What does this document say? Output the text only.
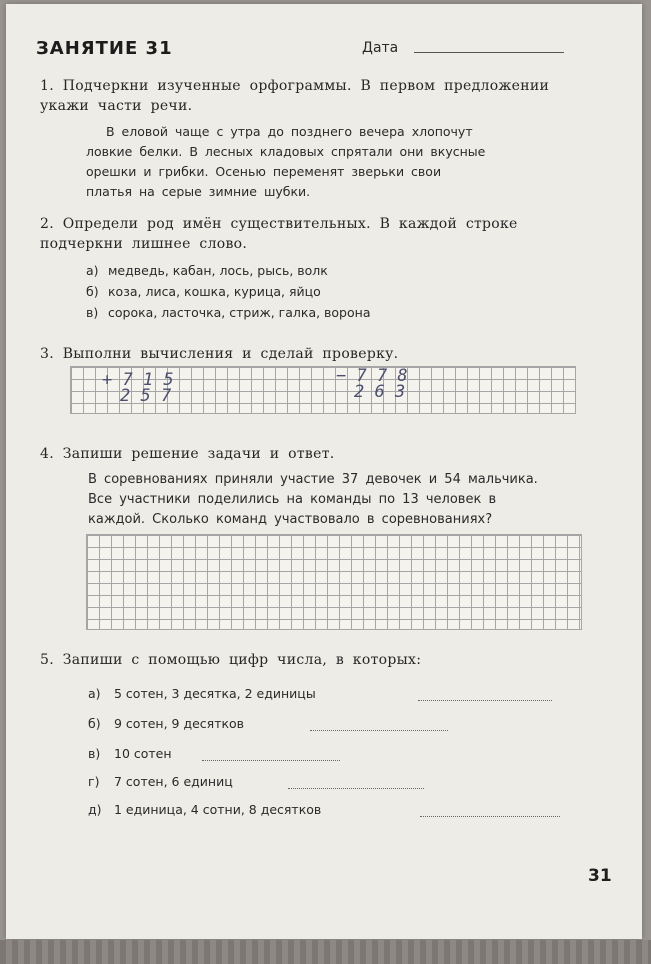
ЗАНЯТИЕ 31	Дата
1. Подчеркни изученные орфограммы. В первом предложении укажи части речи.
В еловой чаще с утра до позднего вечера хлопочут
ловкие белки. В лесных кладовых спрятали они вкусные
орешки и грибки. Осенью переменят зверьки свои
платья на серые зимние шубки.
2. Определи род имён существительных. В каждой строке подчеркни лишнее слово.
а) медведь, кабан, лось, рысь, волк
б) коза, лиса, кошка, курица, яйцо
в) сорока, ласточка, стриж, галка, ворона
3. Выполни вычисления и сделай проверку.
+ 7 1 5
2 5 7
− 7 7 8
2 6 3
4. Запиши решение задачи и ответ.
В соревнованиях приняли участие 37 девочек и 54 мальчика.
Все участники поделились на команды по 13 человек в
каждой. Сколько команд участвовало в соревнованиях?
5. Запиши с помощью цифр числа, в которых:
а) 5 сотен, 3 десятка, 2 единицы
б) 9 сотен, 9 десятков
в) 10 сотен
г) 7 сотен, 6 единиц
д) 1 единица, 4 сотни, 8 десятков
31
